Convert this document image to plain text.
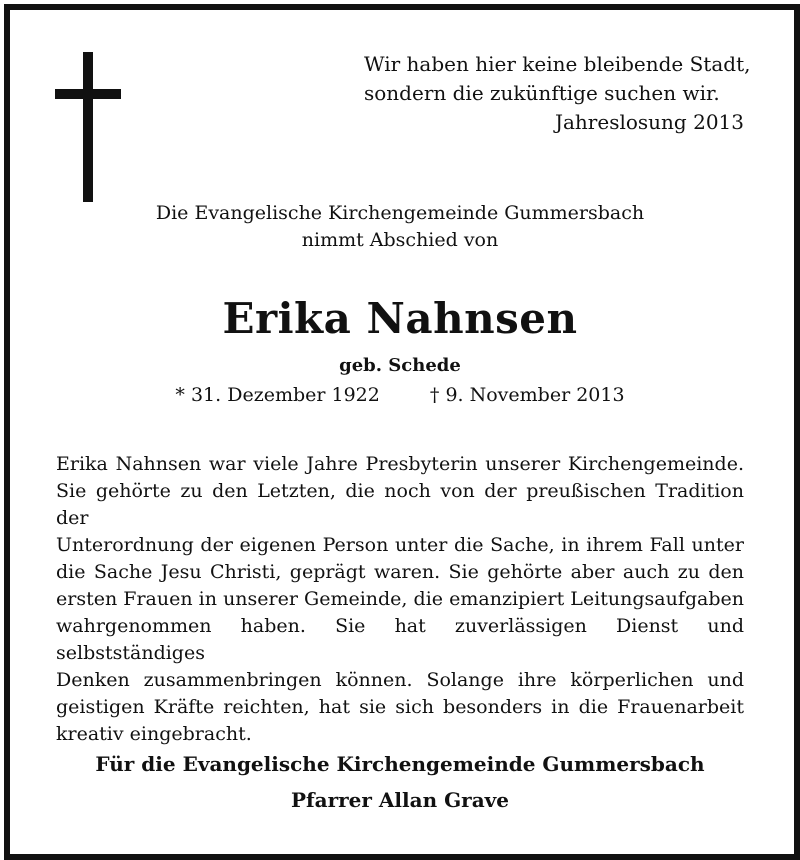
Wir haben hier keine bleibende Stadt,
sondern die zukünftige suchen wir.
Jahreslosung 2013
Die Evangelische Kirchengemeinde Gummersbach
nimmt Abschied von
Erika Nahnsen
geb. Schede
* 31. Dezember 1922	† 9. November 2013
Erika Nahnsen war viele Jahre Presbyterin unserer Kirchengemeinde.
Sie gehörte zu den Letzten, die noch von der preußischen Tradition der
Unterordnung der eigenen Person unter die Sache, in ihrem Fall unter
die Sache Jesu Christi, geprägt waren. Sie gehörte aber auch zu den
ersten Frauen in unserer Gemeinde, die emanzipiert Leitungsaufgaben
wahrgenommen haben. Sie hat zuverlässigen Dienst und selbstständiges
Denken zusammenbringen können. Solange ihre körperlichen und
geistigen Kräfte reichten, hat sie sich besonders in die Frauenarbeit
kreativ eingebracht.
Für die Evangelische Kirchengemeinde Gummersbach
Pfarrer Allan Grave
